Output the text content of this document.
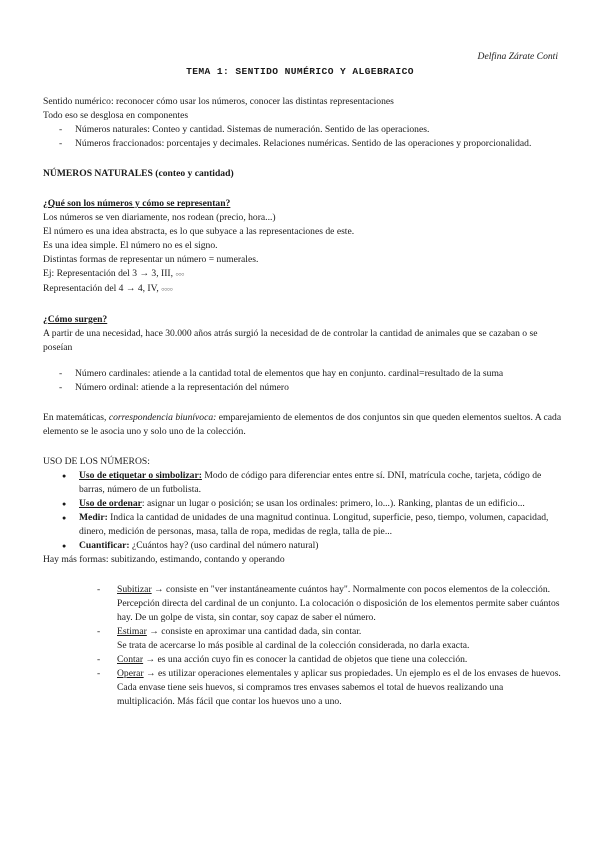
Delfina Zárate Conti
TEMA 1: SENTIDO NUMÉRICO Y ALGEBRAICO

Sentido numérico: reconocer cómo usar los números, conocer las distintas representaciones

Todo eso se desglosa en componentes

- Números naturales: Conteo y cantidad. Sistemas de numeración. Sentido de las operaciones.
- Números fraccionados: porcentajes y decimales. Relaciones numéricas. Sentido de las operaciones y proporcionalidad.

NÚMEROS NATURALES (conteo y cantidad)

¿Qué son los números y cómo se representan?

Los números se ven diariamente, nos rodean (precio, hora...)

El número es una idea abstracta, es lo que subyace a las representaciones de este.

Es una idea simple. El número no es el signo.

Distintas formas de representar un número = numerales.

Ej: Representación del 3 → 3, III, ○○○

Representación del 4 → 4, IV, ○○○○

¿Cómo surgen?

A partir de una necesidad, hace 30.000 años atrás surgió la necesidad de de controlar la cantidad de animales que se cazaban o se poseían

- Número cardinales: atiende a la cantidad total de elementos que hay en conjunto. cardinal=resultado de la suma
- Número ordinal: atiende a la representación del número

En matemáticas, correspondencia biunívoca: emparejamiento de elementos de dos conjuntos sin que queden elementos sueltos. A cada elemento se le asocia uno y solo uno de la colección.

USO DE LOS NÚMEROS:

● Uso de etiquetar o simbolizar: Modo de código para diferenciar entes entre sí. DNI, matrícula coche, tarjeta, código de barras, número de un futbolista.
● Uso de ordenar: asignar un lugar o posición; se usan los ordinales: primero, lo...). Ranking, plantas de un edificio...
● Medir: Indica la cantidad de unidades de una magnitud continua. Longitud, superficie, peso, tiempo, volumen, capacidad, dinero, medición de personas, masa, talla de ropa, medidas de regla, talla de pie...
● Cuantificar: ¿Cuántos hay? (uso cardinal del número natural)

Hay más formas: subitizando, estimando, contando y operando

- Subitizar → consiste en "ver instantáneamente cuántos hay". Normalmente con pocos elementos de la colección. Percepción directa del cardinal de un conjunto. La colocación o disposición de los elementos permite saber cuántos hay. De un golpe de vista, sin contar, soy capaz de saber el número.
- Estimar → consiste en aproximar una cantidad dada, sin contar.

Se trata de acercarse lo más posible al cardinal de la colección considerada, no darla exacta.

- Contar → es una acción cuyo fin es conocer la cantidad de objetos que tiene una colección.
- Operar → es utilizar operaciones elementales y aplicar sus propiedades. Un ejemplo es el de los envases de huevos. Cada envase tiene seis huevos, si compramos tres envases sabemos el total de huevos realizando una multiplicación. Más fácil que contar los huevos uno a uno.
